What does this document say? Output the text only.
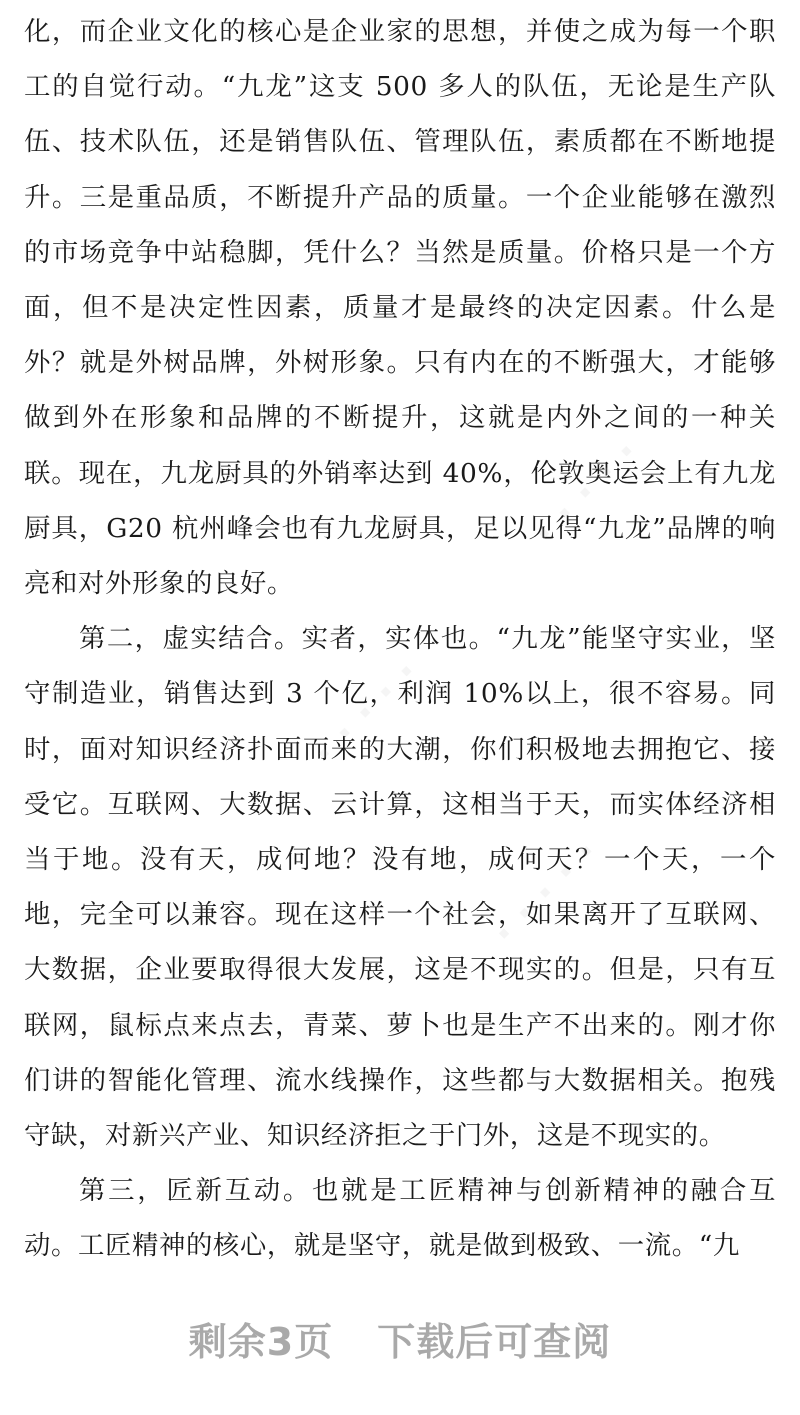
化，而企业文化的核心是企业家的思想，并使之成为每一个职工的自觉行动。“九龙”这支 500 多人的队伍，无论是生产队伍、技术队伍，还是销售队伍、管理队伍，素质都在不断地提升。三是重品质，不断提升产品的质量。一个企业能够在激烈的市场竞争中站稳脚，凭什么？当然是质量。价格只是一个方面，但不是决定性因素，质量才是最终的决定因素。什么是外？就是外树品牌，外树形象。只有内在的不断强大，才能够做到外在形象和品牌的不断提升，这就是内外之间的一种关联。现在，九龙厨具的外销率达到 40%，伦敦奥运会上有九龙厨具，G20 杭州峰会也有九龙厨具，足以见得“九龙”品牌的响亮和对外形象的良好。

第二，虚实结合。实者，实体也。“九龙”能坚守实业，坚守制造业，销售达到 3 个亿，利润 10%以上，很不容易。同时，面对知识经济扑面而来的大潮，你们积极地去拥抱它、接受它。互联网、大数据、云计算，这相当于天，而实体经济相当于地。没有天，成何地？没有地，成何天？一个天，一个地，完全可以兼容。现在这样一个社会，如果离开了互联网、大数据，企业要取得很大发展，这是不现实的。但是，只有互联网，鼠标点来点去，青菜、萝卜也是生产不出来的。刚才你们讲的智能化管理、流水线操作，这些都与大数据相关。抱残守缺，对新兴产业、知识经济拒之于门外，这是不现实的。

第三，匠新互动。也就是工匠精神与创新精神的融合互动。工匠精神的核心，就是坚守，就是做到极致、一流。“九

· · · · ·
· · · · ·
· · · · ·
剩余3页 下载后可查阅
